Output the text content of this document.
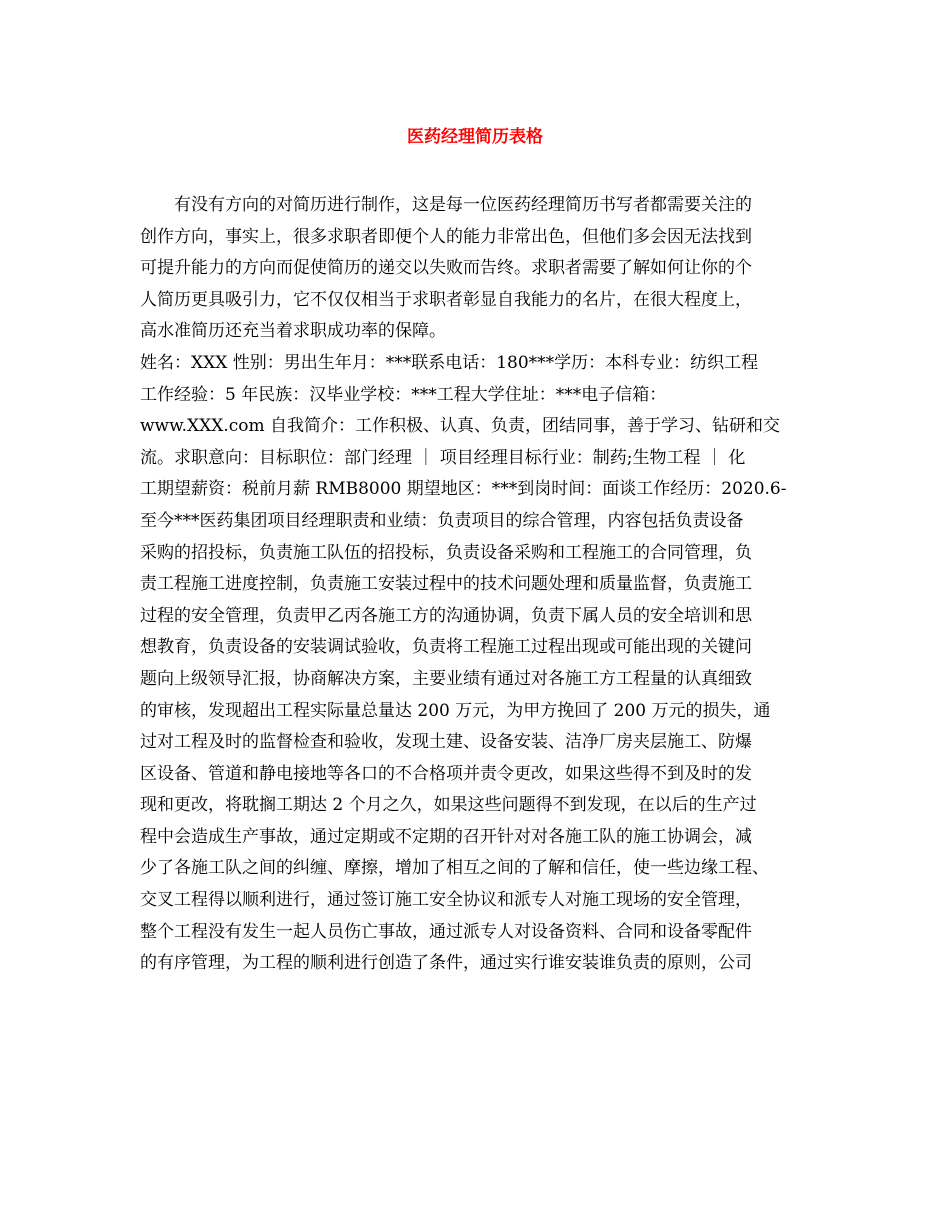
医药经理简历表格

有没有方向的对简历进行制作，这是每一位医药经理简历书写者都需要关注的
创作方向，事实上，很多求职者即便个人的能力非常出色，但他们多会因无法找到
可提升能力的方向而促使简历的递交以失败而告终。求职者需要了解如何让你的个
人简历更具吸引力，它不仅仅相当于求职者彰显自我能力的名片，在很大程度上，
高水准简历还充当着求职成功率的保障。

姓名：XXX 性别：男出生年月：***联系电话：180***学历：本科专业：纺织工程
工作经验：5 年民族：汉毕业学校：***工程大学住址：***电子信箱：
www.XXX.com 自我简介：工作积极、认真、负责，团结同事，善于学习、钻研和交
流。求职意向：目标职位：部门经理 ｜ 项目经理目标行业：制药;生物工程 ｜ 化
工期望薪资：税前月薪 RMB8000 期望地区：***到岗时间：面谈工作经历：2020.6-
至今***医药集团项目经理职责和业绩：负责项目的综合管理，内容包括负责设备
采购的招投标，负责施工队伍的招投标，负责设备采购和工程施工的合同管理，负
责工程施工进度控制，负责施工安装过程中的技术问题处理和质量监督，负责施工
过程的安全管理，负责甲乙丙各施工方的沟通协调，负责下属人员的安全培训和思
想教育，负责设备的安装调试验收，负责将工程施工过程出现或可能出现的关键问
题向上级领导汇报，协商解决方案，主要业绩有通过对各施工方工程量的认真细致
的审核，发现超出工程实际量总量达 200 万元，为甲方挽回了 200 万元的损失，通
过对工程及时的监督检查和验收，发现土建、设备安装、洁净厂房夹层施工、防爆
区设备、管道和静电接地等各口的不合格项并责令更改，如果这些得不到及时的发
现和更改，将耽搁工期达 2 个月之久，如果这些问题得不到发现，在以后的生产过
程中会造成生产事故，通过定期或不定期的召开针对对各施工队的施工协调会，减
少了各施工队之间的纠缠、摩擦，增加了相互之间的了解和信任，使一些边缘工程、
交叉工程得以顺利进行，通过签订施工安全协议和派专人对施工现场的安全管理，
整个工程没有发生一起人员伤亡事故，通过派专人对设备资料、合同和设备零配件
的有序管理，为工程的顺利进行创造了条件，通过实行谁安装谁负责的原则，公司
